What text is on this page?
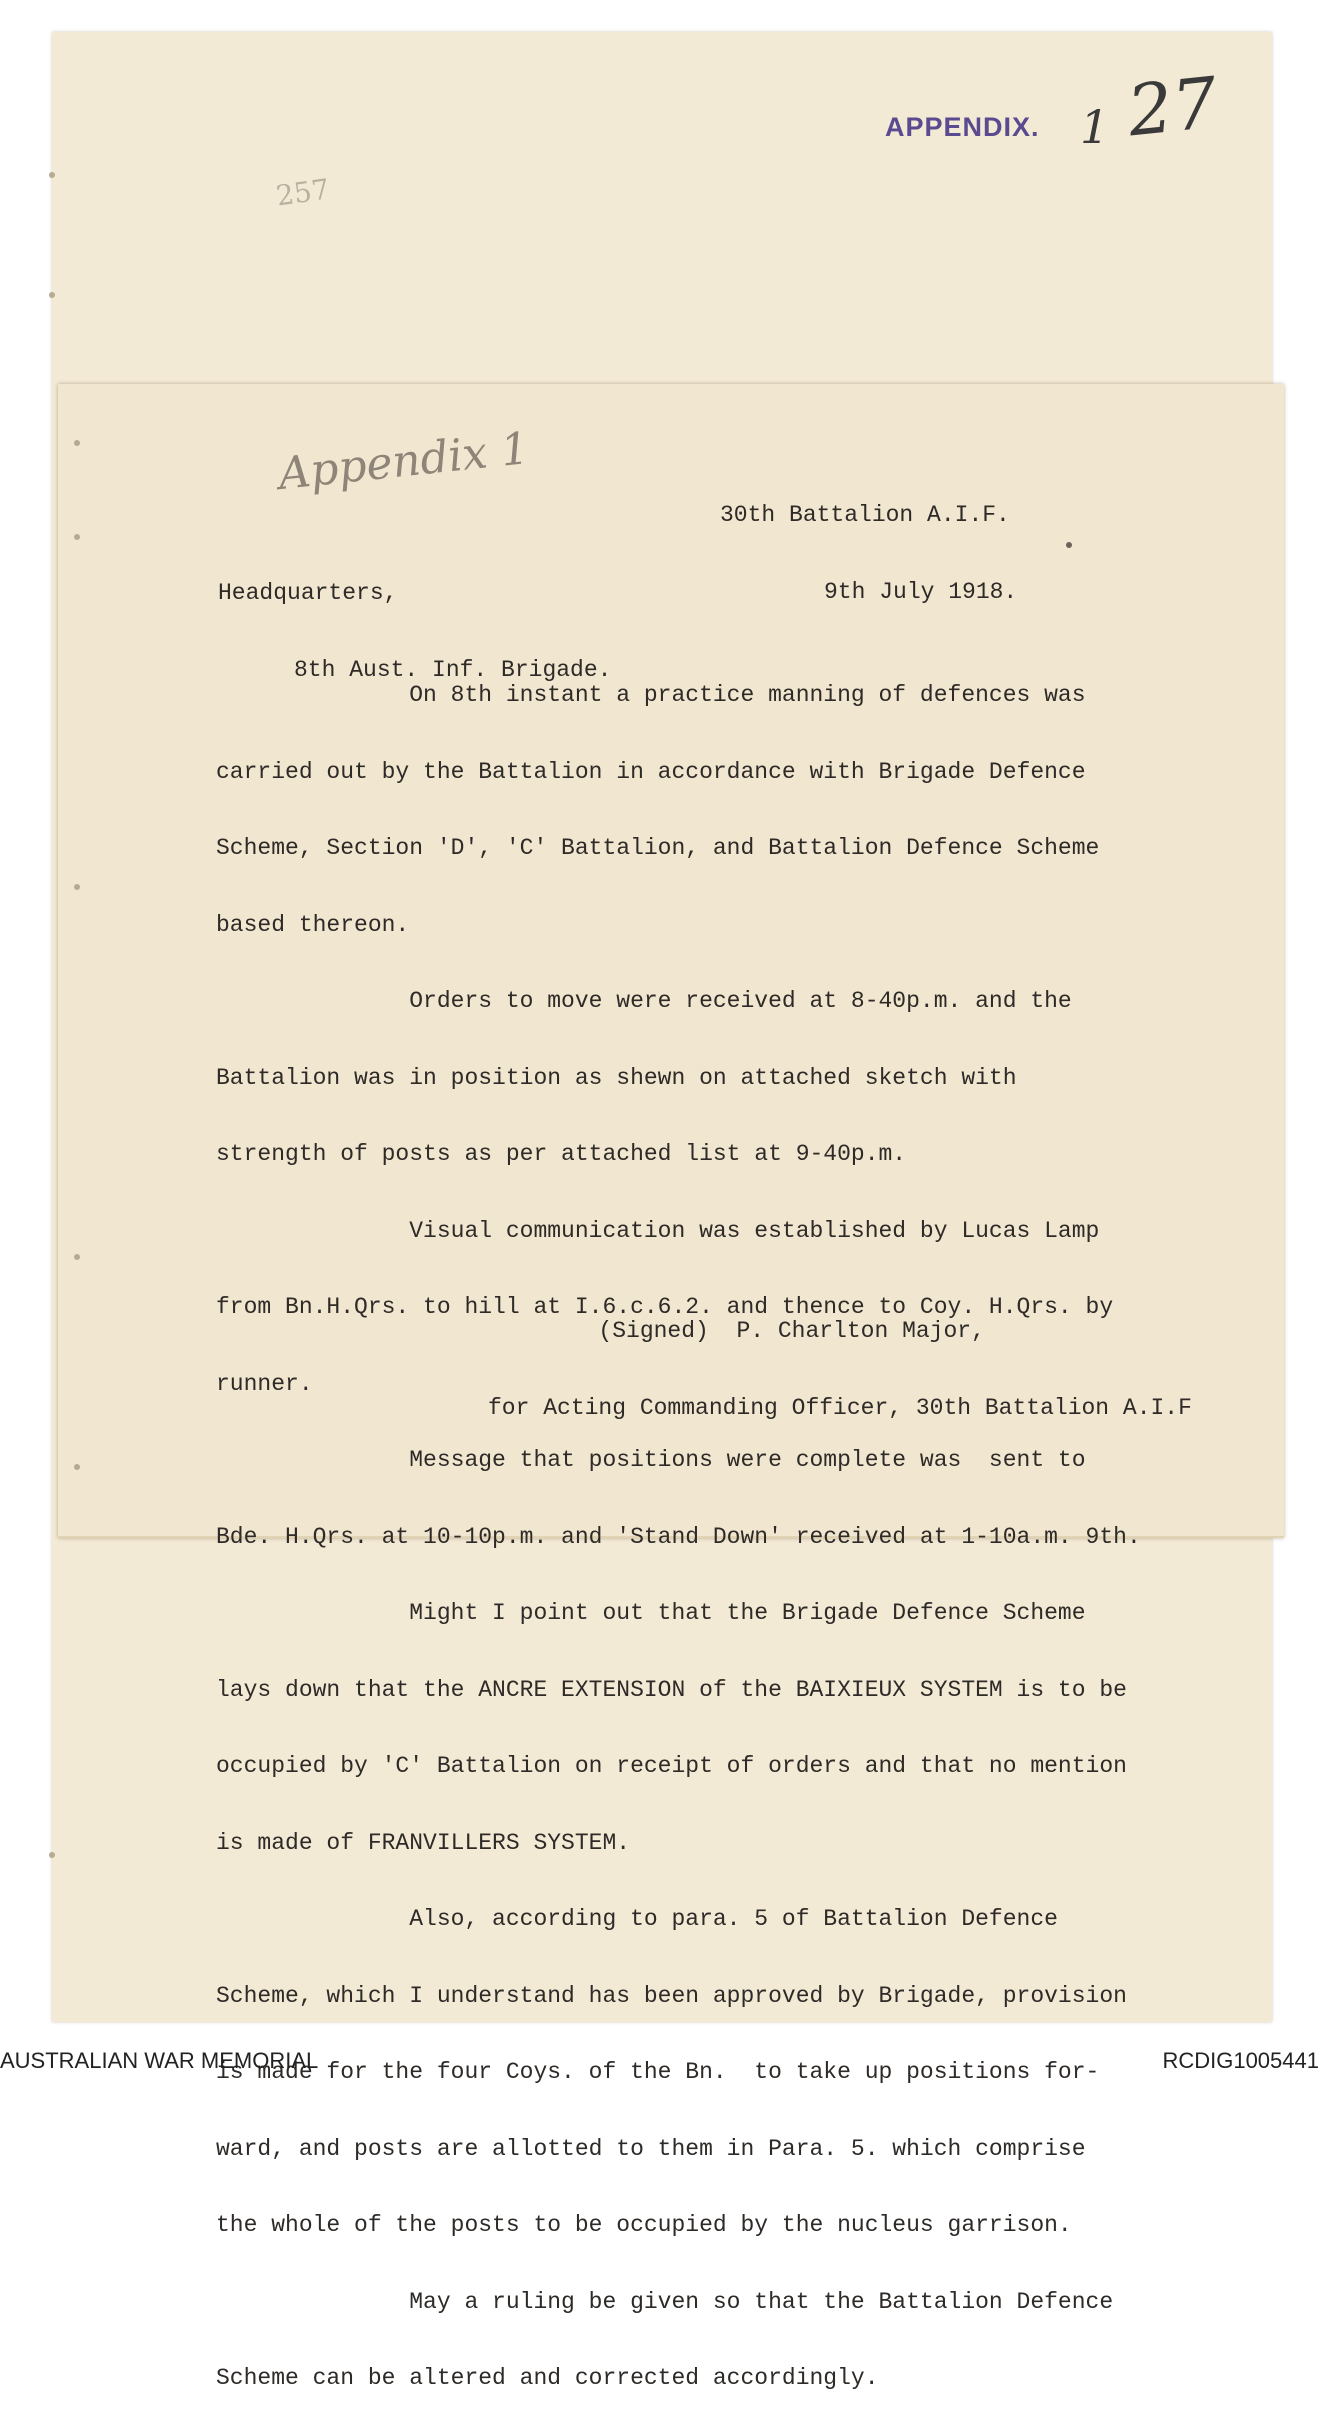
APPENDIX. 1 27
257
Appendix 1

30th Battalion A.I.F.

9th July 1918.

Headquarters,

8th Aust. Inf. Brigade.

On 8th instant a practice manning of defences was

carried out by the Battalion in accordance with Brigade Defence

Scheme, Section 'D', 'C' Battalion, and Battalion Defence Scheme

based thereon.

Orders to move were received at 8-40p.m. and the

Battalion was in position as shewn on attached sketch with

strength of posts as per attached list at 9-40p.m.

Visual communication was established by Lucas Lamp

from Bn.H.Qrs. to hill at I.6.c.6.2. and thence to Coy. H.Qrs. by

runner.

Message that positions were complete was  sent to

Bde. H.Qrs. at 10-10p.m. and 'Stand Down' received at 1-10a.m. 9th.

Might I point out that the Brigade Defence Scheme

lays down that the ANCRE EXTENSION of the BAIXIEUX SYSTEM is to be

occupied by 'C' Battalion on receipt of orders and that no mention

is made of FRANVILLERS SYSTEM.

Also, according to para. 5 of Battalion Defence

Scheme, which I understand has been approved by Brigade, provision

is made for the four Coys. of the Bn.  to take up positions for-

ward, and posts are allotted to them in Para. 5. which comprise

the whole of the posts to be occupied by the nucleus garrison.

May a ruling be given so that the Battalion Defence

Scheme can be altered and corrected accordingly.

(Signed)  P. Charlton Major,

for Acting Commanding Officer, 30th Battalion A.I.F

AUSTRALIAN WAR MEMORIAL	RCDIG1005441
